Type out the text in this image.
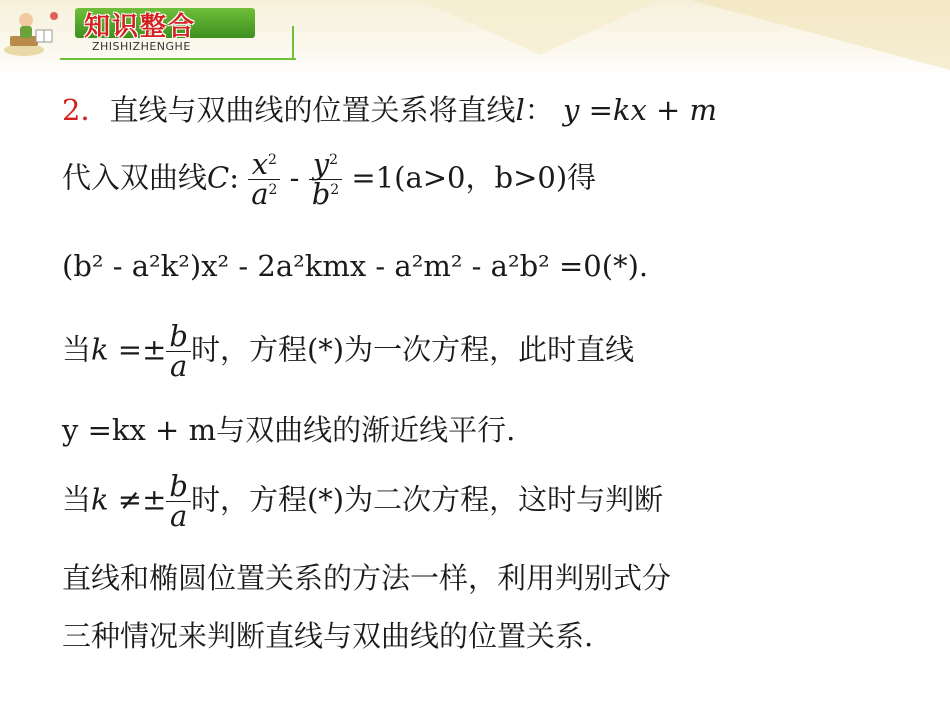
知识整合
ZHISHIZHENGHE
2．直线与双曲线的位置关系将直线l： y =kx + m
代入双曲线C: $\frac{x^2}{a^2} - \frac{y^2}{b^2} =1(a>0$，b>0)得
(b² - a²k²)x² - 2a²kmx - a²m² - a²b² =0(*).
当$k =\pm \frac{b}{a}$ 时，方程(*)为一次方程，此时直线
y =kx + m与双曲线的渐近线平行.
当$k \ne\pm \frac{b}{a}$ 时，方程(*)为二次方程，这时与判断
直线和椭圆位置关系的方法一样，利用判别式分
三种情况来判断直线与双曲线的位置关系.
